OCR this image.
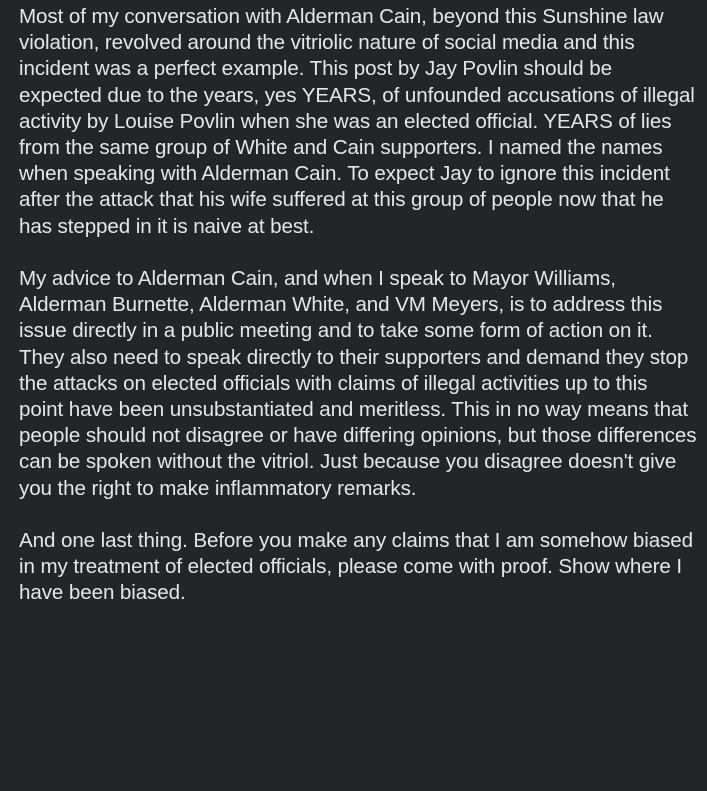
Most of my conversation with Alderman Cain, beyond this Sunshine law violation, revolved around the vitriolic nature of social media and this incident was a perfect example. This post by Jay Povlin should be expected due to the years, yes YEARS, of unfounded accusations of illegal activity by Louise Povlin when she was an elected official. YEARS of lies from the same group of White and Cain supporters. I named the names when speaking with Alderman Cain. To expect Jay to ignore this incident after the attack that his wife suffered at this group of people now that he has stepped in it is naive at best.

My advice to Alderman Cain, and when I speak to Mayor Williams, Alderman Burnette, Alderman White, and VM Meyers, is to address this issue directly in a public meeting and to take some form of action on it. They also need to speak directly to their supporters and demand they stop the attacks on elected officials with claims of illegal activities up to this point have been unsubstantiated and meritless. This in no way means that people should not disagree or have differing opinions, but those differences can be spoken without the vitriol. Just because you disagree doesn't give you the right to make inflammatory remarks.

And one last thing. Before you make any claims that I am somehow biased in my treatment of elected officials, please come with proof. Show where I have been biased.
